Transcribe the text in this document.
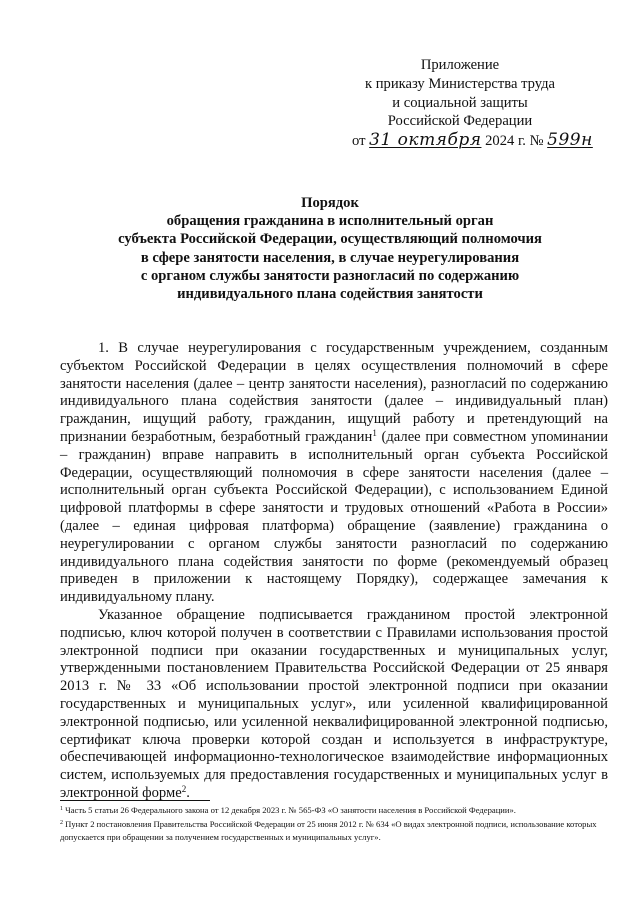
Приложение
к приказу Министерства труда
и социальной защиты
Российской Федерации
от 31 октября 2024 г. № 599н
Порядок
обращения гражданина в исполнительный орган
субъекта Российской Федерации, осуществляющий полномочия
в сфере занятости населения, в случае неурегулирования
с органом службы занятости разногласий по содержанию
индивидуального плана содействия занятости

1. В случае неурегулирования с государственным учреждением, созданным субъектом Российской Федерации в целях осуществления полномочий в сфере занятости населения (далее – центр занятости населения), разногласий по содержанию индивидуального плана содействия занятости (далее – индивидуальный план) гражданин, ищущий работу, гражданин, ищущий работу и претендующий на признании безработным, безработный гражданин$^1$ (далее при совместном упоминании – гражданин) вправе направить в исполнительный орган субъекта Российской Федерации, осуществляющий полномочия в сфере занятости населения (далее – исполнительный орган субъекта Российской Федерации), с использованием Единой цифровой платформы в сфере занятости и трудовых отношений «Работа в России» (далее – единая цифровая платформа) обращение (заявление) гражданина о неурегулировании с органом службы занятости разногласий по содержанию индивидуального плана содействия занятости по форме (рекомендуемый образец приведен в приложении к настоящему Порядку), содержащее замечания к индивидуальному плану.

Указанное обращение подписывается гражданином простой электронной подписью, ключ которой получен в соответствии с Правилами использования простой электронной подписи при оказании государственных и муниципальных услуг, утвержденными постановлением Правительства Российской Федерации от 25 января 2013 г. № 33 «Об использовании простой электронной подписи при оказании государственных и муниципальных услуг», или усиленной квалифицированной электронной подписью, или усиленной неквалифицированной электронной подписью, сертификат ключа проверки которой создан и используется в инфраструктуре, обеспечивающей информационно-технологическое взаимодействие информационных систем, используемых для предоставления государственных и муниципальных услуг в электронной форме$^2$.

$^1$ Часть 5 статьи 26 Федерального закона от 12 декабря 2023 г. № 565-ФЗ «О занятости населения в Российской Федерации».
$^2$ Пункт 2 постановления Правительства Российской Федерации от 25 июня 2012 г. № 634 «О видах электронной подписи, использование которых допускается при обращении за получением государственных и муниципальных услуг».
